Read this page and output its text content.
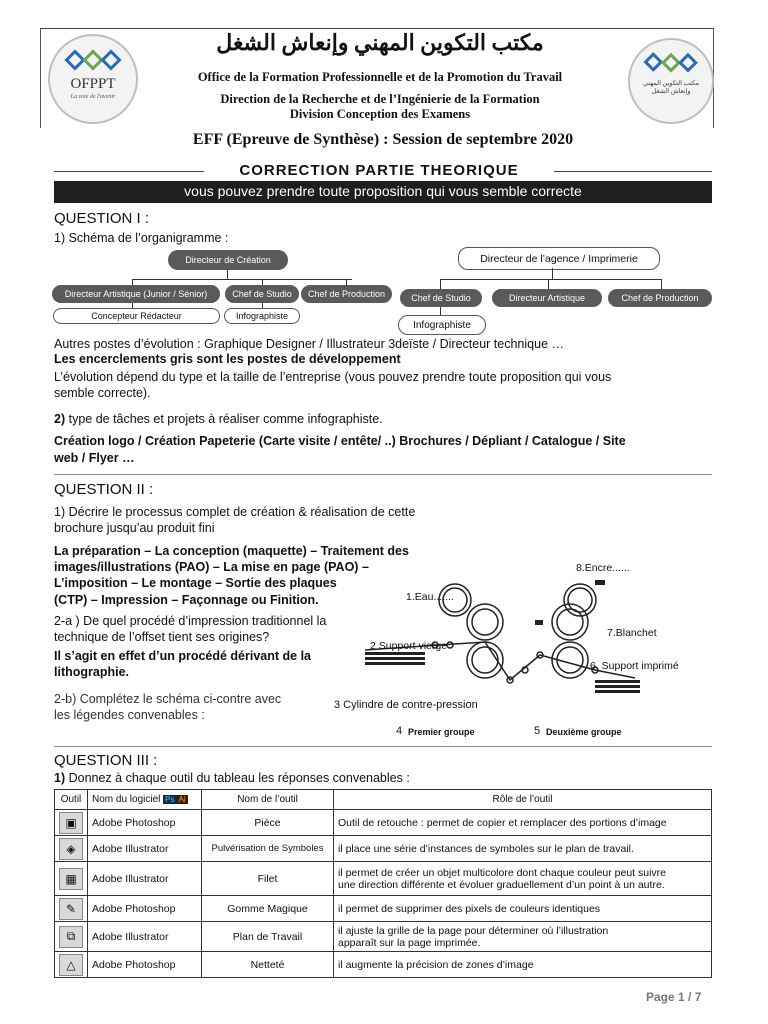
OFPPT
La voie de l'avenir
مكتب التكوين المهني وإنعاش الشغل
مكتب التكوين المهني وإنعاش الشغل
Office de la Formation Professionnelle et de la Promotion du Travail
Direction de la Recherche et de l’Ingénierie de la Formation
Division Conception des Examens
EFF (Epreuve de Synthèse) : Session de septembre 2020
CORRECTION PARTIE THEORIQUE
vous pouvez prendre toute proposition qui vous semble correcte
QUESTION I :
1) Schéma de l’organigramme :
Directeur de Création
Directeur Artistique (Junior / Sénior)	Chef de Studio	Chef de Production
Concepteur Rédacteur	Infographiste
Directeur de l’agence / Imprimerie
Chef de Studio	Directeur Artistique	Chef de Production
Infographiste
Autres postes d’évolution : Graphique Designer / Illustrateur 3deïste / Directeur technique …
Les encerclements gris sont les postes de développement
L’évolution dépend du type et la taille de l’entreprise (vous pouvez prendre toute proposition qui vous
semble correcte).
2) type de tâches et projets à réaliser comme infographiste.
Création logo / Création Papeterie (Carte visite / entête/ ..) Brochures / Dépliant / Catalogue / Site
web / Flyer …
QUESTION II :
1) Décrire le processus complet de création & réalisation de cette
brochure jusqu’au produit fini
La préparation – La conception (maquette) – Traitement des
images/illustrations (PAO) – La mise en page (PAO) –
L’imposition – Le montage – Sortie des plaques
(CTP) – Impression – Façonnage ou Finition.
2-a ) De quel procédé d’impression traditionnel la
technique de l’offset tient ses origines?
Il s’agit en effet d’un procédé dérivant de la
lithographie.
2-b) Complétez le schéma ci-contre avec
les légendes convenables :
1.Eau.......
2 Support vierge
3 Cylindre de contre-pression
4 Premier groupe	5 Deuxième groupe
6. Support imprimé
7.Blanchet
8.Encre......
QUESTION III :
1) Donnez à chaque outil du tableau les réponses convenables :
Outil	Nom du logiciel Ps Ai	Nom de l’outil	Rôle de l’outil

▣	Adobe Photoshop	Pièce	Outil de retouche : permet de copier et remplacer des portions d’image

◈	Adobe Illustrator	Pulvérisation de Symboles	il place une série d’instances de symboles sur le plan de travail.

▦	Adobe Illustrator	Filet	il permet de créer un objet multicolore dont chaque couleur peut suivre
une direction différente et évoluer graduellement d’un point à un autre.

✎	Adobe Photoshop	Gomme Magique	il permet de supprimer des pixels de couleurs identiques

⧉	Adobe Illustrator	Plan de Travail	il ajuste la grille de la page pour déterminer où l’illustration
apparaît sur la page imprimée.

△	Adobe Photoshop	Netteté	il augmente la précision de zones d’image
Page 1 / 7
